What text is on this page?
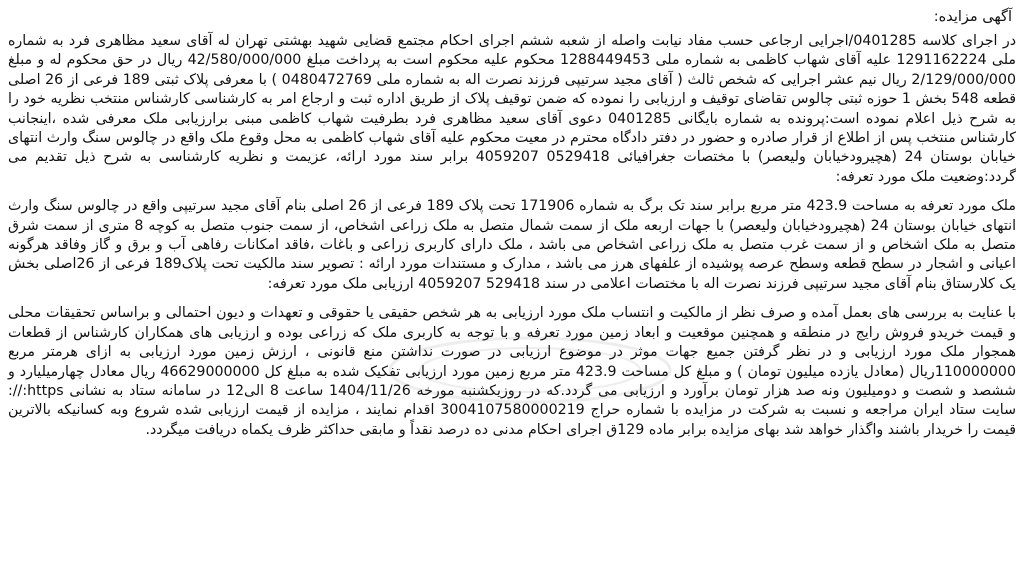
آگهی مزایده:

در اجرای کلاسه 0401285/اجرایی ارجاعی حسب مفاد نیابت واصله از شعبه ششم اجرای احکام مجتمع قضایی شهید بهشتی تهران له آقای سعید مظاهری فرد به شماره ملی 1291162224 علیه آقای شهاب کاظمی به شماره ملی 1288449453 محکوم علیه محکوم است به پرداخت مبلغ 42/580/000/000 ریال در حق محکوم له و مبلغ 2/129/000/000 ریال نیم عشر اجرایی که شخص ثالث ( آقای مجید سرتیپی فرزند نصرت اله به شماره ملی 0480472769 ) با معرفی پلاک ثبتی 189 فرعی از 26 اصلی قطعه 548 بخش 1 حوزه ثبتی چالوس تقاضای توقیف و ارزیابی را نموده که ضمن توقیف پلاک از طریق اداره ثبت و ارجاع امر به کارشناسی کارشناس منتخب نظریه خود را به شرح ذیل اعلام نموده است:پرونده به شماره بایگانی 0401285 دعوی آقای سعید مظاهری فرد بطرفیت شهاب کاظمی مبنی برارزیابی ملک معرفی شده ،اینجانب کارشناس منتخب پس از اطلاع از قرار صادره و حضور در دفتر دادگاه محترم در معیت محکوم علیه آقای شهاب کاظمی به محل وقوع ملک واقع در چالوس سنگ وارث انتهای خیابان بوستان 24 (هچیرودخیابان ولیعصر) با مختصات جغرافیائی 0529418 4059207 برابر سند مورد ارائه، عزیمت و نظریه کارشناسی به شرح ذیل تقدیم می گردد:وضعیت ملک مورد تعرفه:

ملک مورد تعرفه به مساحت 423.9 متر مربع برابر سند تک برگ به شماره 171906 تحت پلاک 189 فرعی از 26 اصلی بنام آقای مجید سرتیپی واقع در چالوس سنگ وارث انتهای خیابان بوستان 24 (هچیرودخیابان ولیعصر) با جهات اربعه ملک از سمت شمال متصل به ملک زراعی اشخاص، از سمت جنوب متصل به کوچه 8 متری از سمت شرق متصل به ملک اشخاص و از سمت غرب متصل به ملک زراعی اشخاص می باشد ، ملک دارای کاربری زراعی و باغات ،فاقد امکانات رفاهی آب و برق و گاز وفاقد هرگونه اعیانی و اشجار در سطح قطعه وسطح عرصه پوشیده از علفهای هرز می باشد ، مدارک و مستندات مورد ارائه : تصویر سند مالکیت تحت پلاک189 فرعی از 26اصلی بخش یک کلارستاق بنام آقای مجید سرتیپی فرزند نصرت اله با مختصات اعلامی در سند 529418 4059207 ارزیابی ملک مورد تعرفه:

با عنایت به بررسی های بعمل آمده و صرف نظر از مالکیت و انتساب ملک مورد ارزیابی به هر شخص حقیقی یا حقوقی و تعهدات و دیون احتمالی و براساس تحقیقات محلی و قیمت خریدو فروش رایج در منطقه و همچنین موقعیت و ابعاد زمین مورد تعرفه و با توجه به کاربری ملک که زراعی بوده و ارزیابی های همکاران کارشناس از قطعات همجوار ملک مورد ارزیابی و در نظر گرفتن جمیع جهات موثر در موضوع ارزیابی در صورت نداشتن منع قانونی ، ارزش زمین مورد ارزیابی به ازای هرمتر مربع 110000000ریال (معادل یازده میلیون تومان ) و مبلغ کل مساحت 423.9 متر مربع زمین مورد ارزیابی تفکیک شده به مبلغ کل 46629000000 ریال معادل چهارمیلیارد و ششصد و شصت و دومیلیون ونه صد هزار تومان برآورد و ارزیابی می گردد.که در روزیکشنبه مورخه 1404/11/26 ساعت 8 الی12 در سامانه ستاد به نشانی https://: سایت ستاد ایران مراجعه و نسبت به شرکت در مزایده با شماره حراج 3004107580000219 اقدام نمایند ، مزایده از قیمت ارزیابی شده شروع وبه کسانیکه بالاترین قیمت را خریدار باشند واگذار خواهد شد بهای مزایده برابر ماده 129ق اجرای احکام مدنی ده درصد نقداً و مابقی حداکثر ظرف یکماه دریافت میگردد.
